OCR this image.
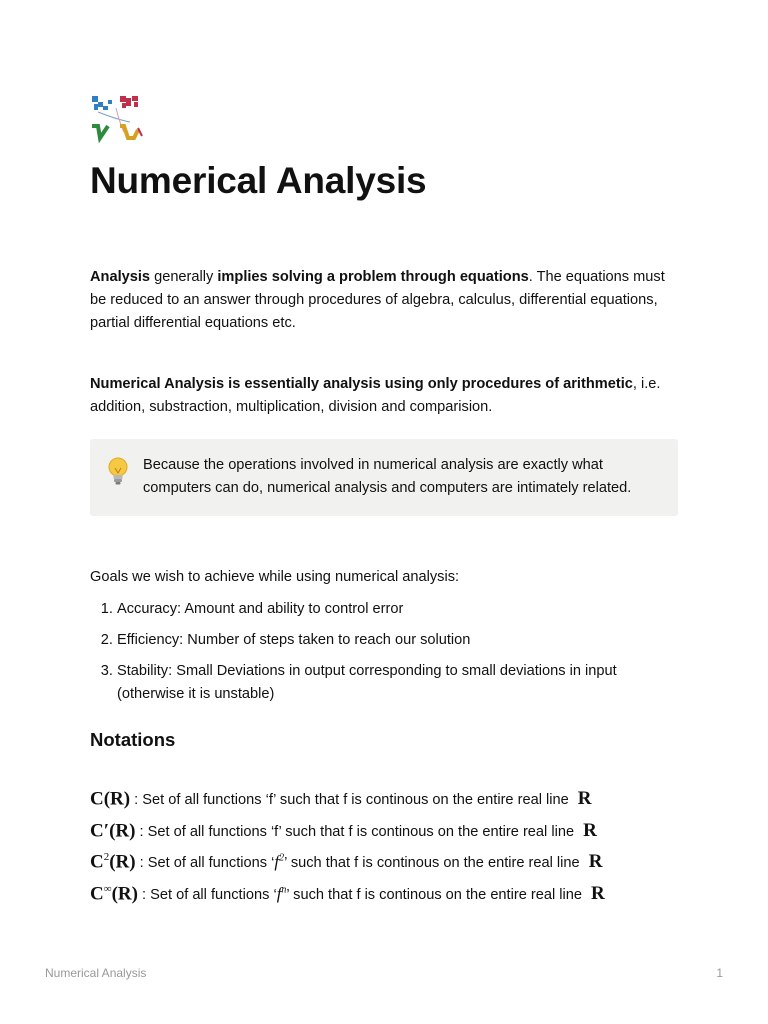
Numerical Analysis

Analysis generally implies solving a problem through equations. The equations must be reduced to an answer through procedures of algebra, calculus, differential equations, partial differential equations etc.

Numerical Analysis is essentially analysis using only procedures of arithmetic, i.e. addition, substraction, multiplication, division and comparision.

Because the operations involved in numerical analysis are exactly what computers can do, numerical analysis and computers are intimately related.

Goals we wish to achieve while using numerical analysis:

1. Accuracy: Amount and ability to control error
2. Efficiency: Number of steps taken to reach our solution
3. Stability: Small Deviations in output corresponding to small deviations in input (otherwise it is unstable)
Notations
C(R) : Set of all functions ‘f’ such that f is continous on the entire real line R
C′(R) : Set of all functions ‘f’ such that f is continous on the entire real line R
$C^2(R)$ : Set of all functions ‘ $f^2$ ’ such that f is continous on the entire real line R
C∞(R) : Set of all functions ‘ $f^n$ ’ such that f is continous on the entire real line R
Numerical Analysis	1
